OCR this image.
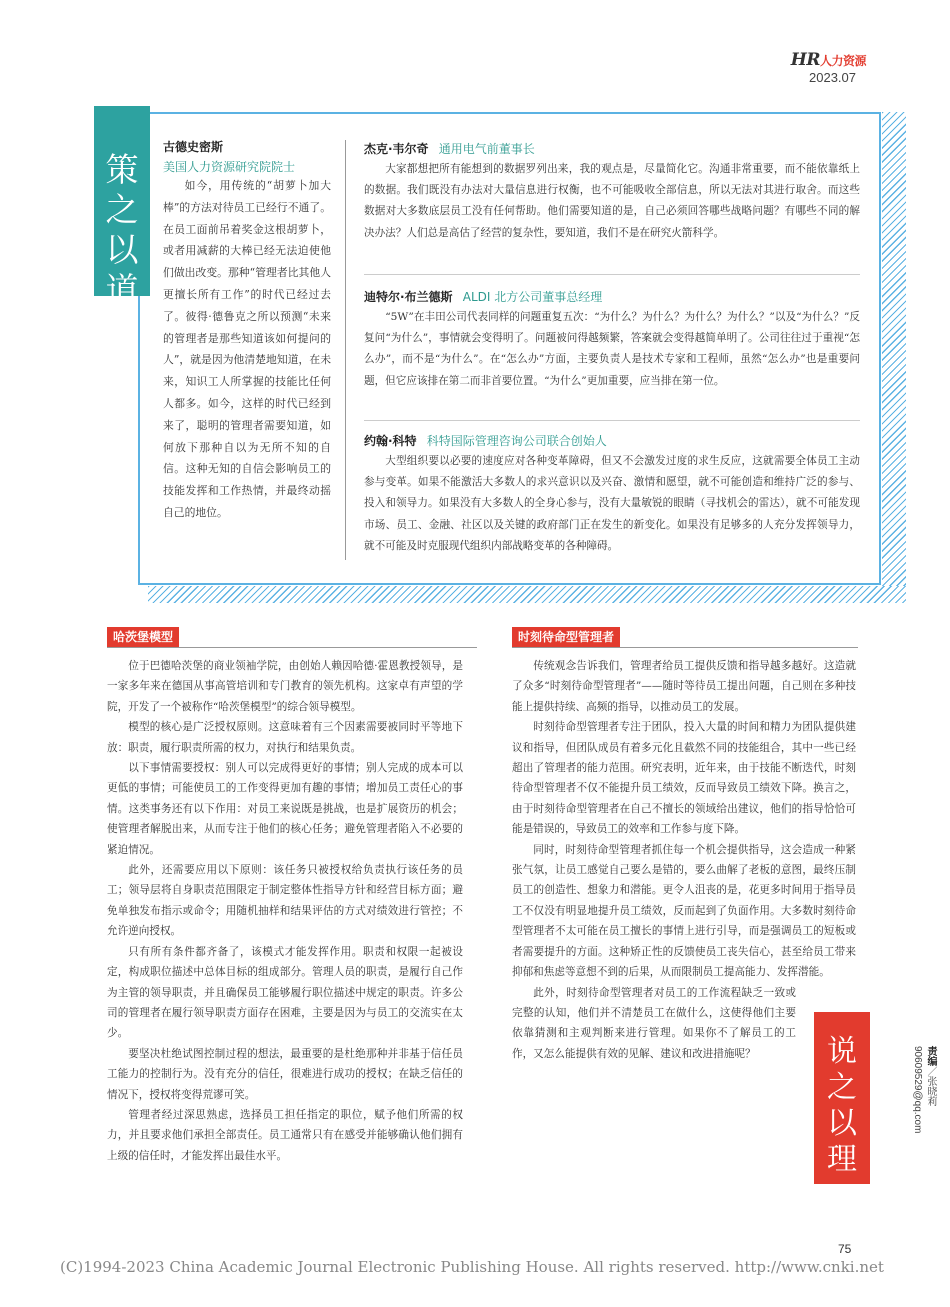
HR人力资源
2023.07
策之以道
古德史密斯
美国人力资源研究院院士
如今，用传统的“胡萝卜加大棒”的方法对待员工已经行不通了。在员工面前吊着奖金这根胡萝卜，或者用减薪的大棒已经无法迫使他们做出改变。那种“管理者比其他人更擅长所有工作”的时代已经过去了。彼得·德鲁克之所以预测“未来的管理者是那些知道该如何提问的人”，就是因为他清楚地知道，在未来，知识工人所掌握的技能比任何人都多。如今，这样的时代已经到来了，聪明的管理者需要知道，如何放下那种自以为无所不知的自信。这种无知的自信会影响员工的技能发挥和工作热情，并最终动摇自己的地位。
杰克·韦尔奇 通用电气前董事长
大家都想把所有能想到的数据罗列出来，我的观点是，尽量简化它。沟通非常重要，而不能依靠纸上的数据。我们既没有办法对大量信息进行权衡，也不可能吸收全部信息，所以无法对其进行取舍。而这些数据对大多数底层员工没有任何帮助。他们需要知道的是，自己必须回答哪些战略问题？有哪些不同的解决办法？人们总是高估了经营的复杂性，要知道，我们不是在研究火箭科学。
迪特尔·布兰德斯 ALDI 北方公司董事总经理
“5W”在丰田公司代表同样的问题重复五次：“为什么？为什么？为什么？为什么？”以及“为什么？”反复问“为什么”，事情就会变得明了。问题被问得越频繁，答案就会变得越简单明了。公司往往过于重视“怎么办”，而不是“为什么”。在“怎么办”方面，主要负责人是技术专家和工程师，虽然“怎么办”也是重要问题，但它应该排在第二而非首要位置。“为什么”更加重要，应当排在第一位。
约翰·科特 科特国际管理咨询公司联合创始人
大型组织要以必要的速度应对各种变革障碍，但又不会激发过度的求生反应，这就需要全体员工主动参与变革。如果不能激活大多数人的求兴意识以及兴奋、激情和愿望，就不可能创造和维持广泛的参与、投入和领导力。如果没有大多数人的全身心参与，没有大量敏锐的眼睛（寻找机会的雷达），就不可能发现市场、员工、金融、社区以及关键的政府部门正在发生的新变化。如果没有足够多的人充分发挥领导力，就不可能及时克服现代组织内部战略变革的各种障碍。
哈茨堡模型

位于巴德哈茨堡的商业领袖学院，由创始人赖因哈德·霍恩教授领导，是一家多年来在德国从事高管培训和专门教育的领先机构。这家卓有声望的学院，开发了一个被称作“哈茨堡模型”的综合领导模型。

模型的核心是广泛授权原则。这意味着有三个因素需要被同时平等地下放：职责，履行职责所需的权力，对执行和结果负责。

以下事情需要授权：别人可以完成得更好的事情；别人完成的成本可以更低的事情；可能使员工的工作变得更加有趣的事情；增加员工责任心的事情。这类事务还有以下作用：对员工来说既是挑战，也是扩展资历的机会；使管理者解脱出来，从而专注于他们的核心任务；避免管理者陷入不必要的紧迫情况。

此外，还需要应用以下原则：该任务只被授权给负责执行该任务的员工；领导层将自身职责范围限定于制定整体性指导方针和经营目标方面；避免单独发布指示或命令；用随机抽样和结果评估的方式对绩效进行管控；不允许逆向授权。

只有所有条件都齐备了，该模式才能发挥作用。职责和权限一起被设定，构成职位描述中总体目标的组成部分。管理人员的职责，是履行自己作为主管的领导职责，并且确保员工能够履行职位描述中规定的职责。许多公司的管理者在履行领导职责方面存在困难，主要是因为与员工的交流实在太少。

要坚决杜绝试图控制过程的想法，最重要的是杜绝那种并非基于信任员工能力的控制行为。没有充分的信任，很难进行成功的授权；在缺乏信任的情况下，授权将变得荒谬可笑。

管理者经过深思熟虑，选择员工担任指定的职位，赋予他们所需的权力，并且要求他们承担全部责任。员工通常只有在感受并能够确认他们拥有上级的信任时，才能发挥出最佳水平。

时刻待命型管理者

传统观念告诉我们，管理者给员工提供反馈和指导越多越好。这造就了众多“时刻待命型管理者”——随时等待员工提出问题，自己则在多种技能上提供持续、高频的指导，以推动员工的发展。

时刻待命型管理者专注于团队，投入大量的时间和精力为团队提供建议和指导，但团队成员有着多元化且截然不同的技能组合，其中一些已经超出了管理者的能力范围。研究表明，近年来，由于技能不断迭代，时刻待命型管理者不仅不能提升员工绩效，反而导致员工绩效下降。换言之，由于时刻待命型管理者在自己不擅长的领域给出建议，他们的指导恰恰可能是错误的，导致员工的效率和工作参与度下降。

同时，时刻待命型管理者抓住每一个机会提供指导，这会造成一种紧张气氛，让员工感觉自己要么是错的，要么曲解了老板的意图，最终压制员工的创造性、想象力和潜能。更令人沮丧的是，花更多时间用于指导员工不仅没有明显地提升员工绩效，反而起到了负面作用。大多数时刻待命型管理者不太可能在员工擅长的事情上进行引导，而是强调员工的短板或者需要提升的方面。这种矫正性的反馈使员工丧失信心，甚至给员工带来抑郁和焦虑等意想不到的后果，从而限制员工提高能力、发挥潜能。

此外，时刻待命型管理者对员工的工作流程缺乏一致或完整的认知，他们并不清楚员工在做什么，这使得他们主要依靠猜测和主观判断来进行管理。如果你不了解员工的工作，又怎么能提供有效的见解、建议和改进措施呢？	说之以理
75
责编／张晓莉 90609529@qq.com
(C)1994-2023 China Academic Journal Electronic Publishing House. All rights reserved. http://www.cnki.net
